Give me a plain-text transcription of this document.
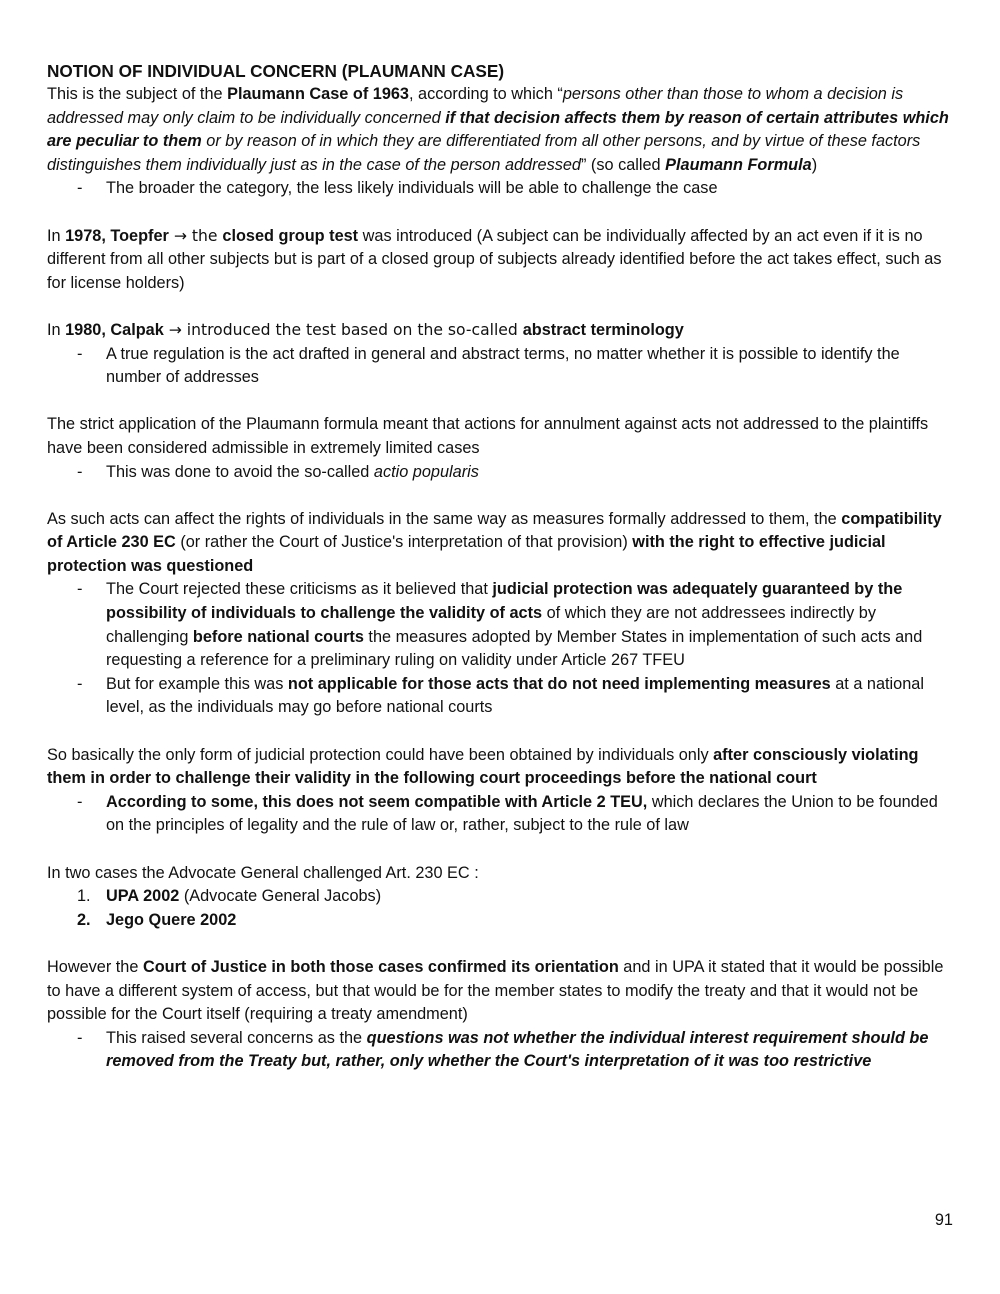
NOTION OF INDIVIDUAL CONCERN (PLAUMANN CASE)

This is the subject of the Plaumann Case of 1963, according to which “persons other than those to whom a decision is addressed may only claim to be individually concerned if that decision affects them by reason of certain attributes which are peculiar to them or by reason of in which they are differentiated from all other persons, and by virtue of these factors distinguishes them individually just as in the case of the person addressed” (so called Plaumann Formula)

- The broader the category, the less likely individuals will be able to challenge the case

In 1978, Toepfer → the closed group test was introduced (A subject can be individually affected by an act even if it is no different from all other subjects but is part of a closed group of subjects already identified before the act takes effect, such as for license holders)

In 1980, Calpak → introduced the test based on the so-called abstract terminology

- A true regulation is the act drafted in general and abstract terms, no matter whether it is possible to identify the number of addresses

The strict application of the Plaumann formula meant that actions for annulment against acts not addressed to the plaintiffs have been considered admissible in extremely limited cases

- This was done to avoid the so-called actio popularis

As such acts can affect the rights of individuals in the same way as measures formally addressed to them, the compatibility of Article 230 EC (or rather the Court of Justice's interpretation of that provision) with the right to effective judicial protection was questioned

- The Court rejected these criticisms as it believed that judicial protection was adequately guaranteed by the possibility of individuals to challenge the validity of acts of which they are not addressees indirectly by challenging before national courts the measures adopted by Member States in implementation of such acts and requesting a reference for a preliminary ruling on validity under Article 267 TFEU
- But for example this was not applicable for those acts that do not need implementing measures at a national level, as the individuals may go before national courts

So basically the only form of judicial protection could have been obtained by individuals only after consciously violating them in order to challenge their validity in the following court proceedings before the national court

- According to some, this does not seem compatible with Article 2 TEU, which declares the Union to be founded on the principles of legality and the rule of law or, rather, subject to the rule of law

In two cases the Advocate General challenged Art. 230 EC :

1. UPA 2002 (Advocate General Jacobs)
2. Jego Quere 2002

However the Court of Justice in both those cases confirmed its orientation and in UPA it stated that it would be possible to have a different system of access, but that would be for the member states to modify the treaty and that it would not be possible for the Court itself (requiring a treaty amendment)

- This raised several concerns as the questions was not whether the individual interest requirement should be removed from the Treaty but, rather, only whether the Court's interpretation of it was too restrictive
91
